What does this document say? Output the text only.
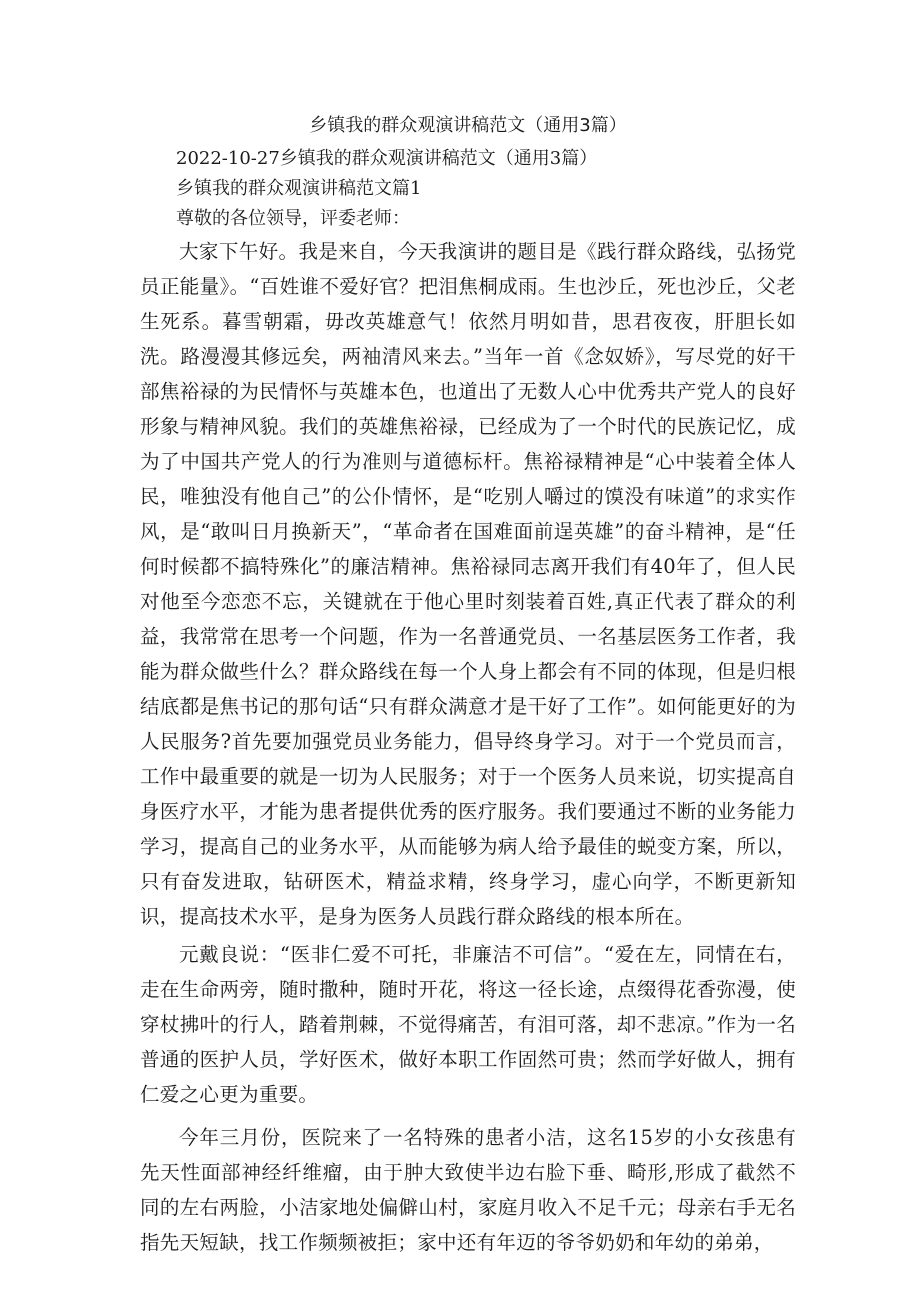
乡镇我的群众观演讲稿范文（通用3篇）

2022-10-27乡镇我的群众观演讲稿范文（通用3篇）

乡镇我的群众观演讲稿范文篇1

尊敬的各位领导，评委老师：

大家下午好。我是来自，今天我演讲的题目是《践行群众路线，弘扬党员正能量》。“百姓谁不爱好官？把泪焦桐成雨。生也沙丘，死也沙丘，父老生死系。暮雪朝霜，毋改英雄意气！依然月明如昔，思君夜夜，肝胆长如洗。路漫漫其修远矣，两袖清风来去。”当年一首《念奴娇》，写尽党的好干部焦裕禄的为民情怀与英雄本色，也道出了无数人心中优秀共产党人的良好形象与精神风貌。我们的英雄焦裕禄，已经成为了一个时代的民族记忆，成为了中国共产党人的行为准则与道德标杆。焦裕禄精神是“心中装着全体人民，唯独没有他自己”的公仆情怀，是“吃别人嚼过的馍没有味道”的求实作风，是“敢叫日月换新天”，“革命者在国难面前逞英雄”的奋斗精神，是“任何时候都不搞特殊化”的廉洁精神。焦裕禄同志离开我们有40年了，但人民对他至今恋恋不忘，关键就在于他心里时刻装着百姓,真正代表了群众的利益，我常常在思考一个问题，作为一名普通党员、一名基层医务工作者，我能为群众做些什么？群众路线在每一个人身上都会有不同的体现，但是归根结底都是焦书记的那句话“只有群众满意才是干好了工作”。如何能更好的为人民服务?首先要加强党员业务能力，倡导终身学习。对于一个党员而言，工作中最重要的就是一切为人民服务；对于一个医务人员来说，切实提高自身医疗水平，才能为患者提供优秀的医疗服务。我们要通过不断的业务能力学习，提高自己的业务水平，从而能够为病人给予最佳的蜕变方案，所以，只有奋发进取，钻研医术，精益求精，终身学习，虚心向学，不断更新知识，提高技术水平，是身为医务人员践行群众路线的根本所在。

元戴良说：“医非仁爱不可托，非廉洁不可信”。“爱在左，同情在右，走在生命两旁，随时撒种，随时开花，将这一径长途，点缀得花香弥漫，使穿杖拂叶的行人，踏着荆棘，不觉得痛苦，有泪可落，却不悲凉。”作为一名普通的医护人员，学好医术，做好本职工作固然可贵；然而学好做人，拥有仁爱之心更为重要。

今年三月份，医院来了一名特殊的患者小洁，这名15岁的小女孩患有先天性面部神经纤维瘤，由于肿大致使半边右脸下垂、畸形,形成了截然不同的左右两脸，小洁家地处偏僻山村，家庭月收入不足千元；母亲右手无名指先天短缺，找工作频频被拒；家中还有年迈的爷爷奶奶和年幼的弟弟，
